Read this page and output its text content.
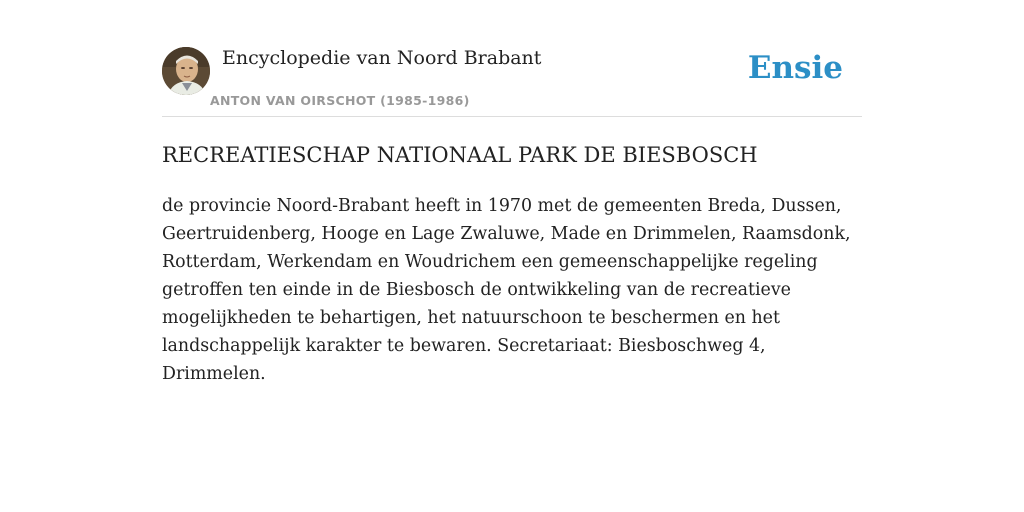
Encyclopedie van Noord Brabant
ANTON VAN OIRSCHOT (1985-1986)
Ensie
RECREATIESCHAP NATIONAAL PARK DE BIESBOSCH

de provincie Noord-Brabant heeft in 1970 met de gemeenten Breda, Dussen, Geertruidenberg, Hooge en Lage Zwaluwe, Made en Drimmelen, Raamsdonk, Rotterdam, Werkendam en Woudrichem een gemeenschappelijke regeling getroffen ten einde in de Biesbosch de ontwikkeling van de recreatieve mogelijkheden te behartigen, het natuurschoon te beschermen en het landschappelijk karakter te bewaren. Secretariaat: Biesboschweg 4, Drimmelen.
